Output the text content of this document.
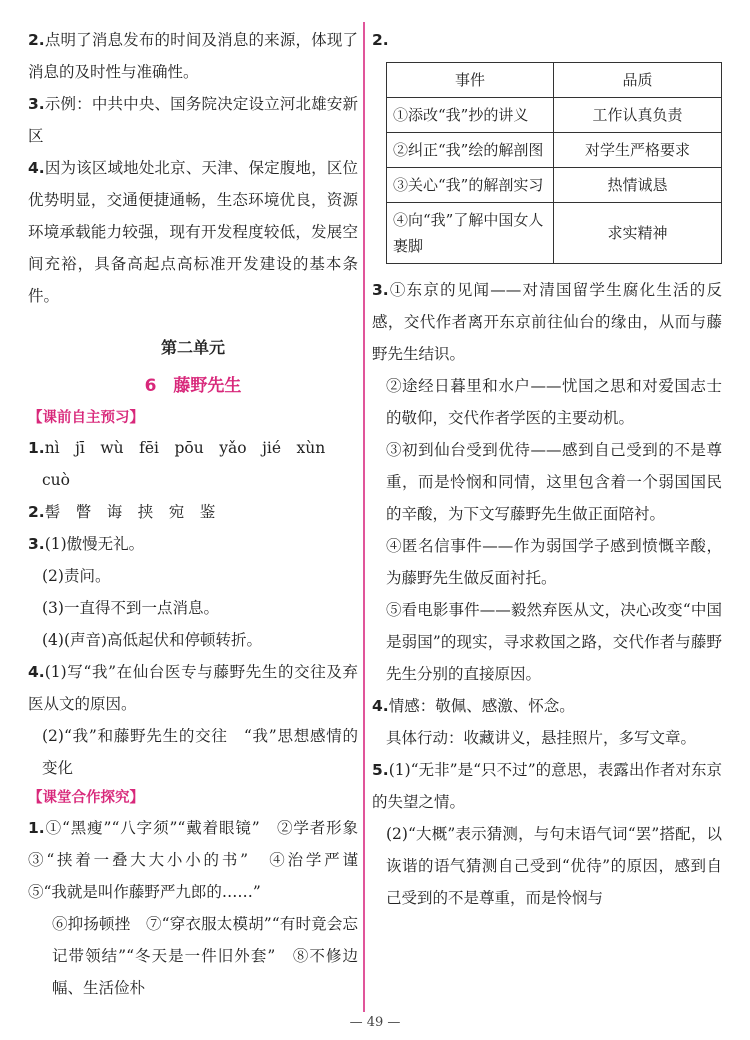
2.点明了消息发布的时间及消息的来源，体现了消息的及时性与准确性。

3.示例：中共中央、国务院决定设立河北雄安新区

4.因为该区域地处北京、天津、保定腹地，区位优势明显，交通便捷通畅，生态环境优良，资源环境承载能力较强，现有开发程度较低，发展空间充裕，具备高起点高标准开发建设的基本条件。

第二单元
6　藤野先生
【课前自主预习】

1.nì　jī　wù　fēi　pōu　yǎo　jié　xùn

cuò

2.髻　瞥　诲　挟　宛　鉴

3.(1)傲慢无礼。

(2)责问。

(3)一直得不到一点消息。

(4)(声音)高低起伏和停顿转折。

4.(1)写“我”在仙台医专与藤野先生的交往及弃医从文的原因。

(2)“我”和藤野先生的交往　“我”思想感情的变化

【课堂合作探究】

1.①“黑瘦”“八字须”“戴着眼镜”　②学者形象　③“挟着一叠大大小小的书”　④治学严谨　⑤“我就是叫作藤野严九郎的……”

⑥抑扬顿挫　⑦“穿衣服太模胡”“有时竟会忘记带领结”“冬天是一件旧外套”　⑧不修边幅、生活俭朴

2.

事件	品质
①添改“我”抄的讲义	工作认真负责
②纠正“我”绘的解剖图	对学生严格要求
③关心“我”的解剖实习	热情诚恳
④向“我”了解中国女人裹脚	求实精神

3.①东京的见闻——对清国留学生腐化生活的反感，交代作者离开东京前往仙台的缘由，从而与藤野先生结识。

②途经日暮里和水户——忧国之思和对爱国志士的敬仰，交代作者学医的主要动机。

③初到仙台受到优待——感到自己受到的不是尊重，而是怜悯和同情，这里包含着一个弱国国民的辛酸，为下文写藤野先生做正面陪衬。

④匿名信事件——作为弱国学子感到愤慨辛酸，为藤野先生做反面衬托。

⑤看电影事件——毅然弃医从文，决心改变“中国是弱国”的现实，寻求救国之路，交代作者与藤野先生分别的直接原因。

4.情感：敬佩、感激、怀念。

具体行动：收藏讲义，悬挂照片，多写文章。

5.(1)“无非”是“只不过”的意思，表露出作者对东京的失望之情。

(2)“大概”表示猜测，与句末语气词“罢”搭配，以诙谐的语气猜测自己受到“优待”的原因，感到自己受到的不是尊重，而是怜悯与

— 49 —
